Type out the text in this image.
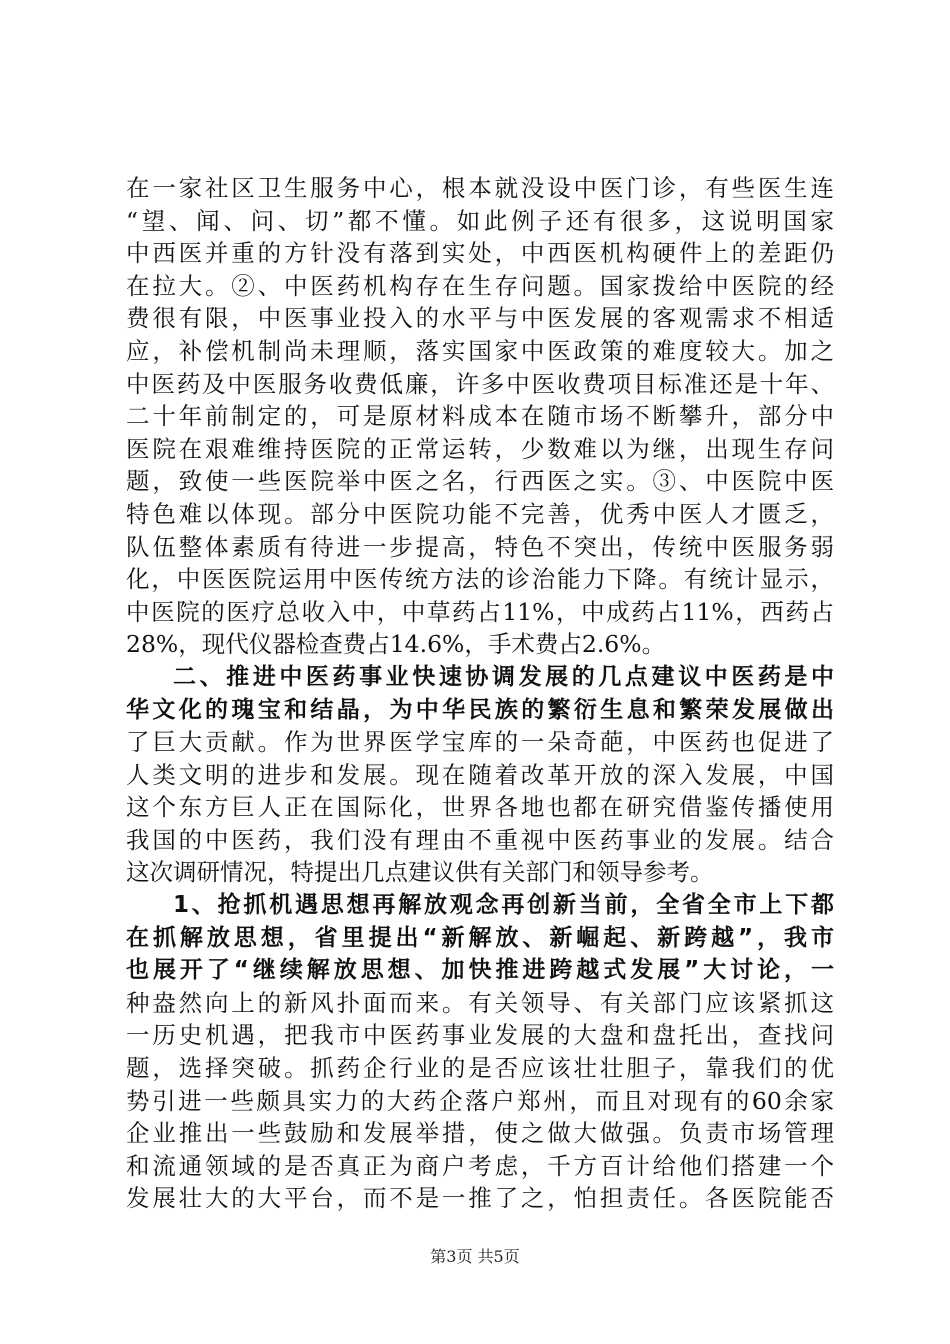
在一家社区卫生服务中心，根本就没设中医门诊，有些医生连
“望、闻、问、切”都不懂。如此例子还有很多，这说明国家
中西医并重的方针没有落到实处，中西医机构硬件上的差距仍
在拉大。②、中医药机构存在生存问题。国家拨给中医院的经
费很有限，中医事业投入的水平与中医发展的客观需求不相适
应，补偿机制尚未理顺，落实国家中医政策的难度较大。加之
中医药及中医服务收费低廉，许多中医收费项目标准还是十年、
二十年前制定的，可是原材料成本在随市场不断攀升，部分中
医院在艰难维持医院的正常运转，少数难以为继，出现生存问
题，致使一些医院举中医之名，行西医之实。③、中医院中医
特色难以体现。部分中医院功能不完善，优秀中医人才匮乏，
队伍整体素质有待进一步提高，特色不突出，传统中医服务弱
化，中医医院运用中医传统方法的诊治能力下降。有统计显示，
中医院的医疗总收入中，中草药占11%，中成药占11%，西药占
28%，现代仪器检查费占14.6%，手术费占2.6%。
二、推进中医药事业快速协调发展的几点建议中医药是中
华文化的瑰宝和结晶，为中华民族的繁衍生息和繁荣发展做出
了巨大贡献。作为世界医学宝库的一朵奇葩，中医药也促进了
人类文明的进步和发展。现在随着改革开放的深入发展，中国
这个东方巨人正在国际化，世界各地也都在研究借鉴传播使用
我国的中医药，我们没有理由不重视中医药事业的发展。结合
这次调研情况，特提出几点建议供有关部门和领导参考。
1、抢抓机遇思想再解放观念再创新当前，全省全市上下都
在抓解放思想，省里提出“新解放、新崛起、新跨越”，我市
也展开了“继续解放思想、加快推进跨越式发展”大讨论，一
种盎然向上的新风扑面而来。有关领导、有关部门应该紧抓这
一历史机遇，把我市中医药事业发展的大盘和盘托出，查找问
题，选择突破。抓药企行业的是否应该壮壮胆子，靠我们的优
势引进一些颇具实力的大药企落户郑州，而且对现有的60余家
企业推出一些鼓励和发展举措，使之做大做强。负责市场管理
和流通领域的是否真正为商户考虑，千方百计给他们搭建一个
发展壮大的大平台，而不是一推了之，怕担责任。各医院能否
第3页 共5页
